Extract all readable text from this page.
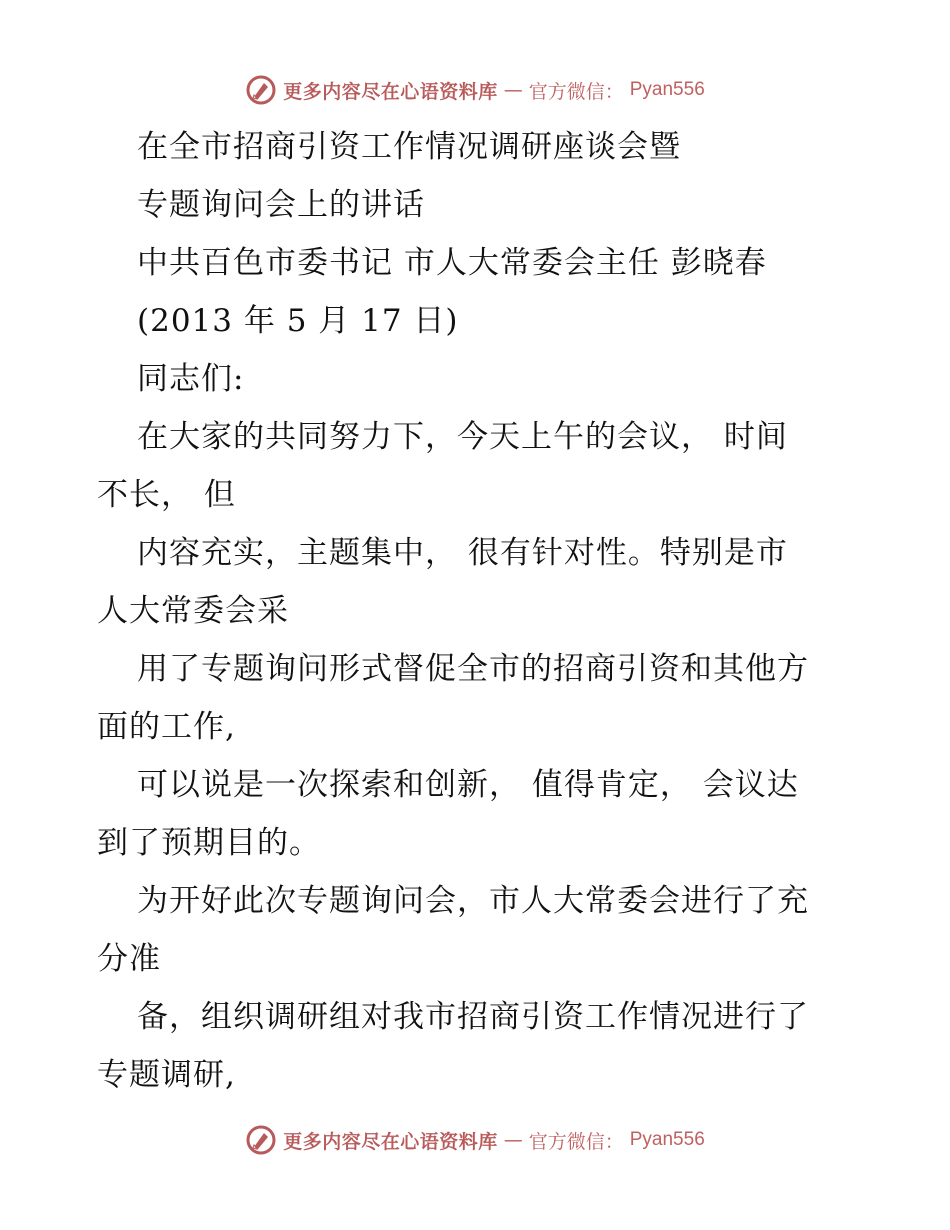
更多内容尽在心语资料库 — 官方微信： Pyan556
在全市招商引资工作情况调研座谈会暨
专题询问会上的讲话
中共百色市委书记 市人大常委会主任 彭晓春
(2013 年 5 月 17 日)
同志们:
在大家的共同努力下，今天上午的会议， 时间
不长， 但
内容充实，主题集中， 很有针对性。特别是市
人大常委会采
用了专题询问形式督促全市的招商引资和其他方
面的工作,
可以说是一次探索和创新， 值得肯定， 会议达
到了预期目的。
为开好此次专题询问会，市人大常委会进行了充
分准
备，组织调研组对我市招商引资工作情况进行了
专题调研,
更多内容尽在心语资料库 — 官方微信： Pyan556
